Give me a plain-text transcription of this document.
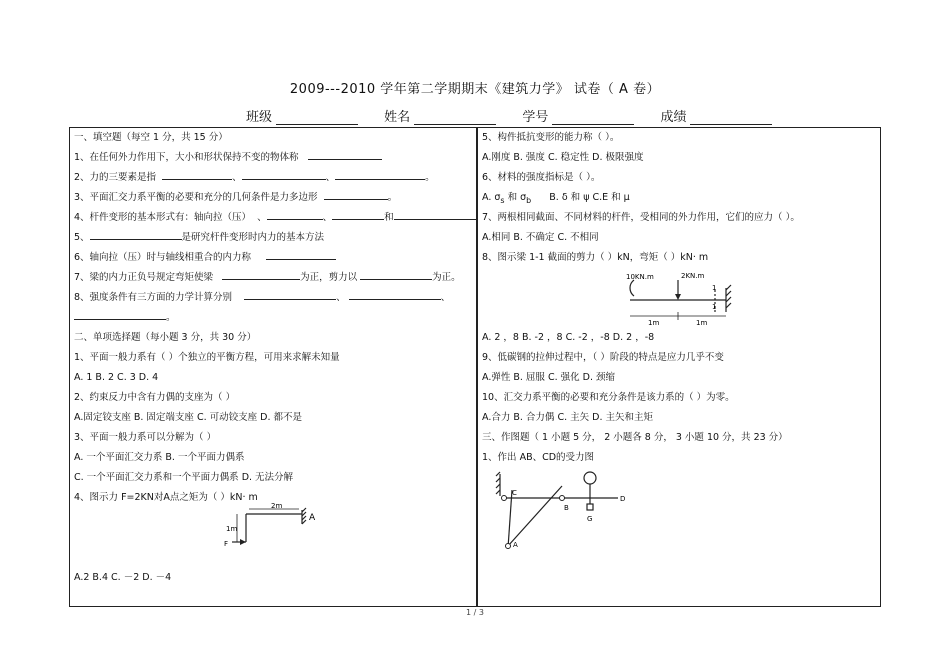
2009---2010 学年第二学期期末《建筑力学》 试卷（ A 卷）
班级	姓名	学号	成绩
一、填空题（每空 1 分，共 15 分）
1、在任何外力作用下，大小和形状保持不变的物体称
2、力的三要素是指	、	、	。
3、平面汇交力系平衡的必要和充分的几何条件是力多边形	。
4、杆件变形的基本形式有：轴向拉（压） 、	、	和
5、	是研究杆件变形时内力的基本方法
6、轴向拉（压）时与轴线相重合的内力称
7、梁的内力正负号规定弯矩使梁	为正，剪力以	为正。
8、强度条件有三方面的力学计算分别	、	、
。
二、单项选择题（每小题 3 分，共 30 分）
1、平面一般力系有（ ）个独立的平衡方程，可用来求解未知量
A. 1 B. 2 C. 3 D. 4
2、约束反力中含有力偶的支座为（ ）
A.固定铰支座 B. 固定端支座 C. 可动铰支座 D. 都不是
3、平面一般力系可以分解为（ ）
A. 一个平面汇交力系 B. 一个平面力偶系
C. 一个平面汇交力系和一个平面力偶系 D. 无法分解
4、图示力 F=2KN对A点之矩为（ ）kN· m
2m
1m
F
A
A.2 B.4 C. －2 D. －4
5、构件抵抗变形的能力称（ ）。
A.刚度 B. 强度 C. 稳定性 D. 极限强度
6、材料的强度指标是（ ）。
A. $\sigma_s$ 和 $\sigma_b$ B. δ 和 ψ C.E 和 μ
7、两根相同截面、不同材料的杆件，受相同的外力作用，它们的应力（ ）。
A.相同 B. 不确定 C. 不相同
8、图示梁 1-1 截面的剪力（ ）kN，弯矩（ ）kN· m
10KN.m	2KN.m
1m	1m
1
1
A. 2 ，8 B. -2 ，8 C. -2 ，-8 D. 2 ，-8
9、低碳钢的拉伸过程中，（ ）阶段的特点是应力几乎不变
A.弹性 B. 屈服 C. 强化 D. 颈缩
10、汇交力系平衡的必要和充分条件是该力系的（ ）为零。
A.合力 B. 合力偶 C. 主矢 D. 主矢和主矩
三、作图题（ 1 小题 5 分， 2 小题各 8 分， 3 小题 10 分，共 23 分）
1、作出 AB、CD的受力图
C
B
D
G
A
1 / 3
